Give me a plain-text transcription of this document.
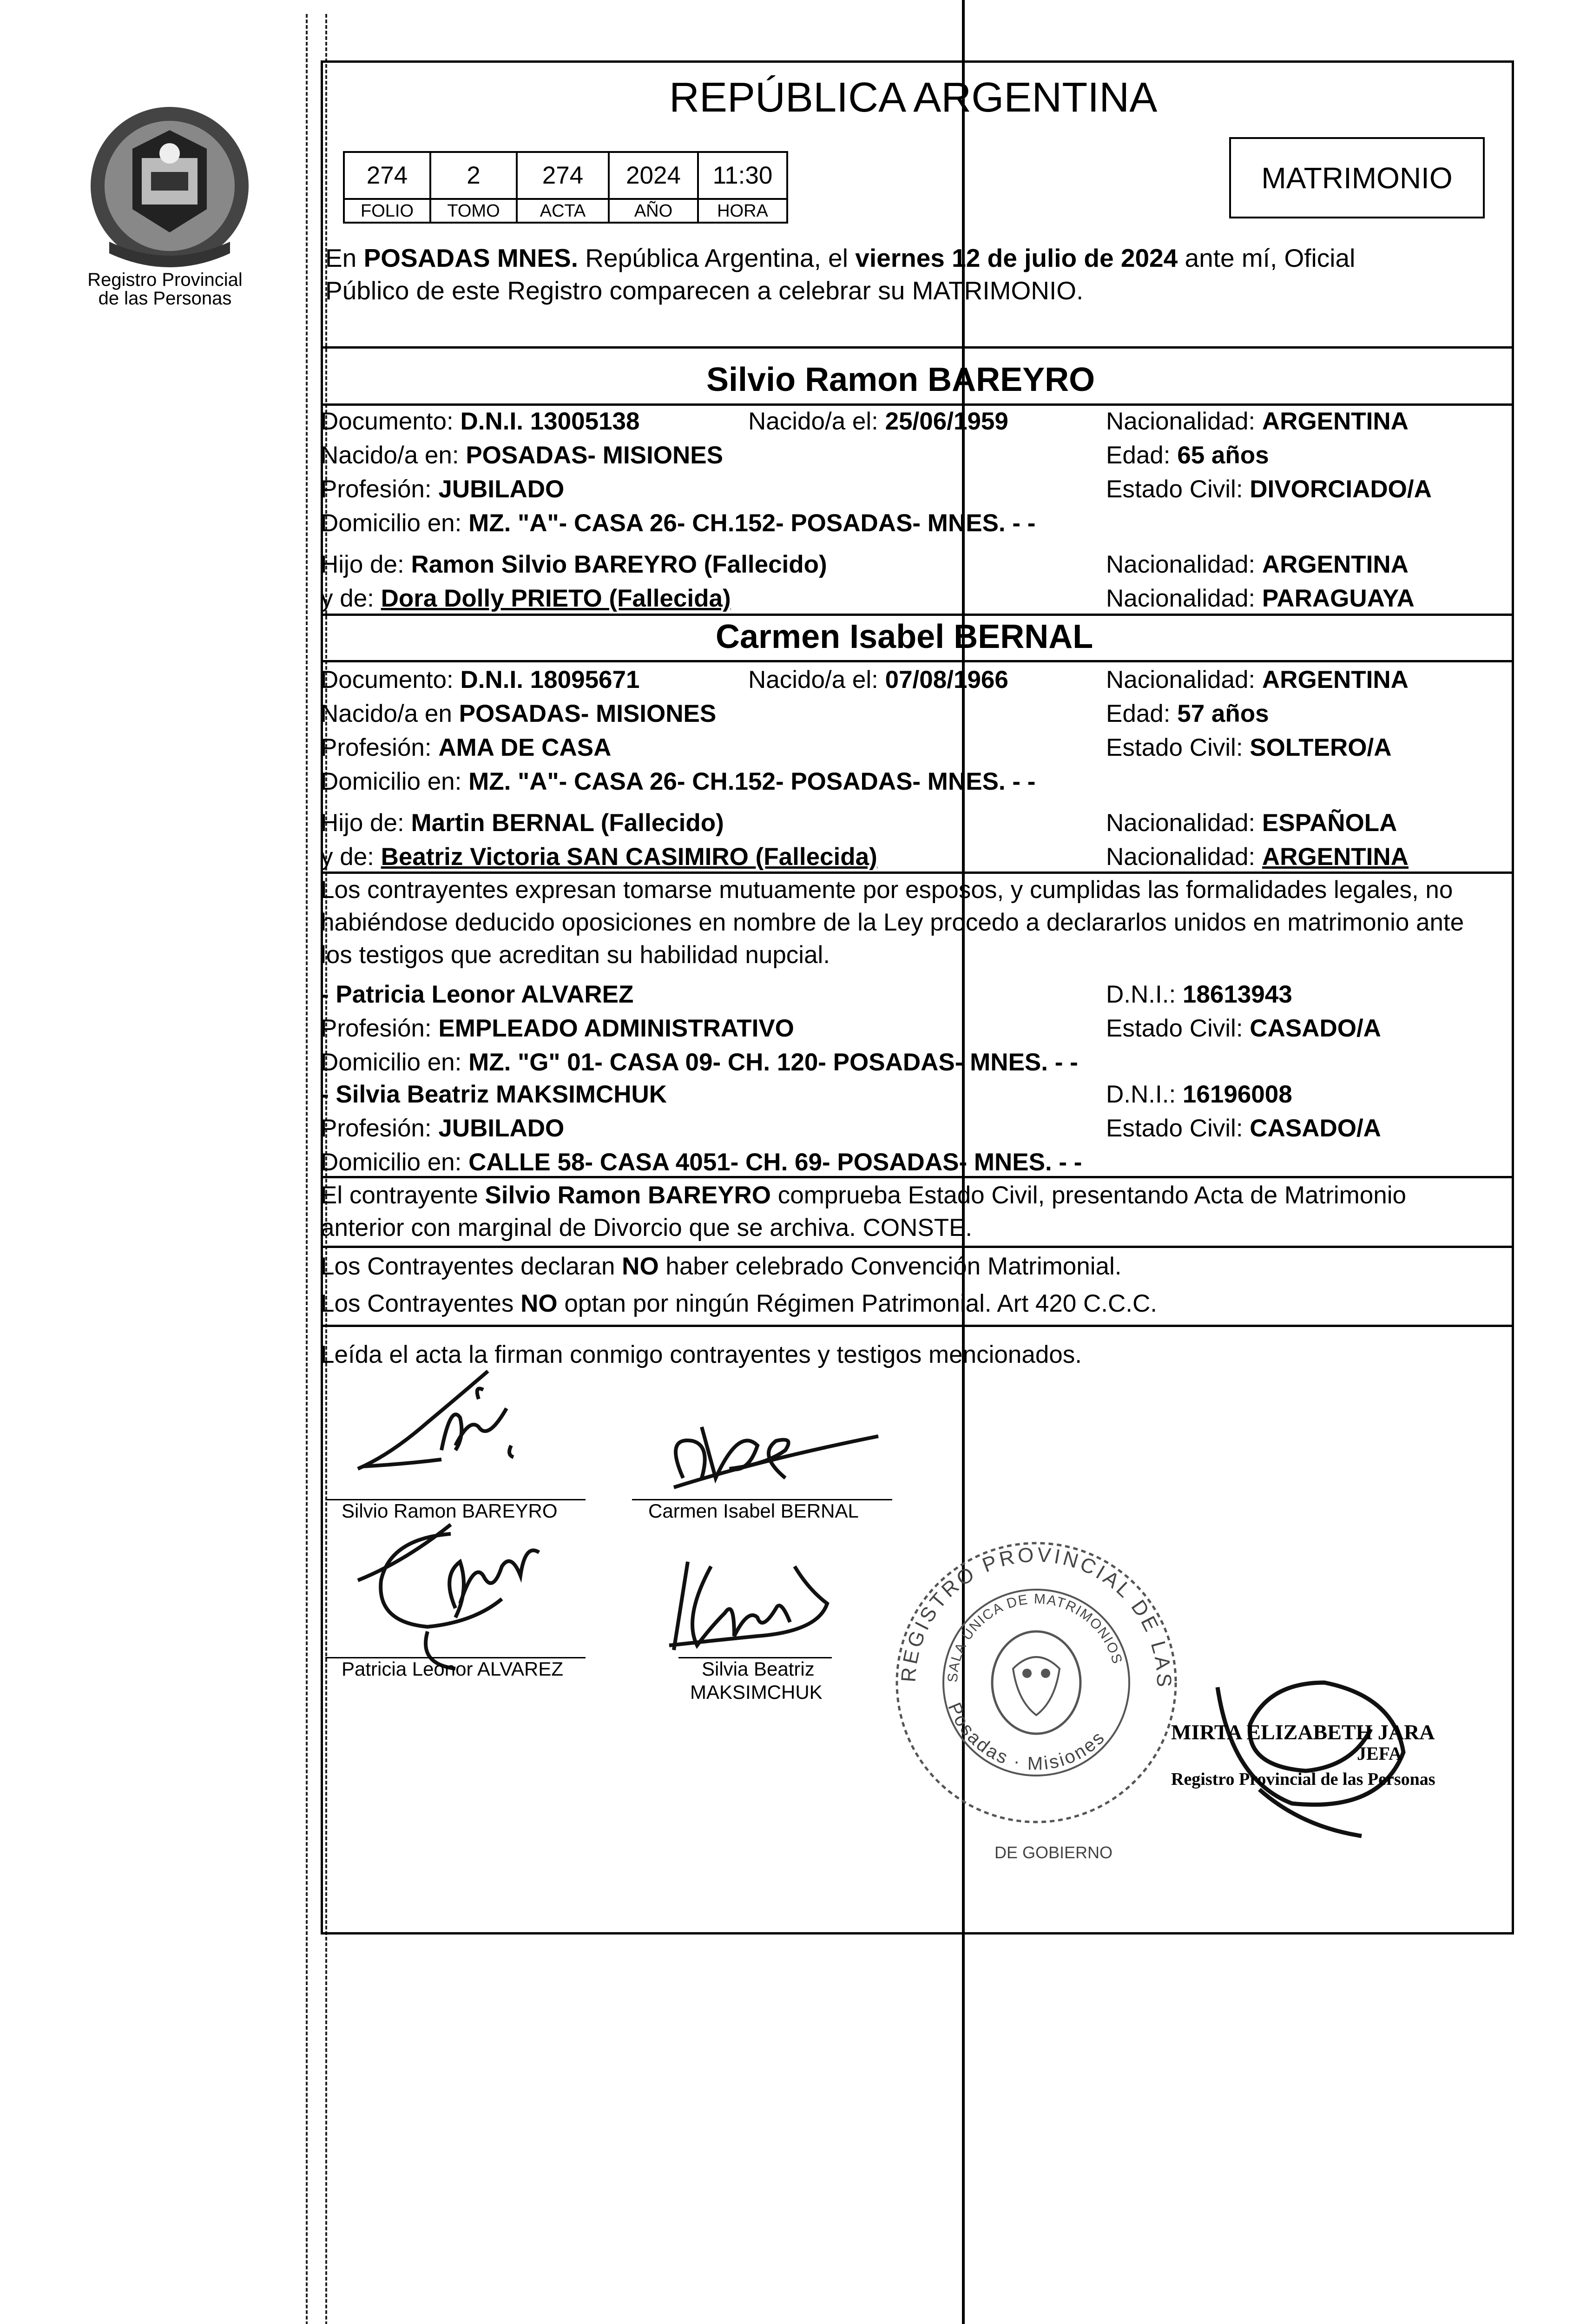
Registro Provincial
de las Personas
REPÚBLICA ARGENTINA
274	2	274	2024	11:30
FOLIO	TOMO	ACTA	AÑO	HORA
MATRIMONIO
En POSADAS MNES. República Argentina, el viernes 12 de julio de 2024 ante mí, Oficial
Público de este Registro comparecen a celebrar su MATRIMONIO.
Silvio Ramon BAREYRO
Documento: D.N.I. 13005138	Nacido/a el: 25/06/1959	Nacionalidad: ARGENTINA
Nacido/a en: POSADAS- MISIONES	Edad: 65 años
Profesión: JUBILADO	Estado Civil: DIVORCIADO/A
Domicilio en: MZ. "A"- CASA 26- CH.152- POSADAS- MNES. - -
Hijo de: Ramon Silvio BAREYRO (Fallecido)	Nacionalidad: ARGENTINA
y de: Dora Dolly PRIETO (Fallecida)	Nacionalidad: PARAGUAYA
Carmen Isabel BERNAL
Documento: D.N.I. 18095671	Nacido/a el: 07/08/1966	Nacionalidad: ARGENTINA
Nacido/a en POSADAS- MISIONES	Edad: 57 años
Profesión: AMA DE CASA	Estado Civil: SOLTERO/A
Domicilio en: MZ. "A"- CASA 26- CH.152- POSADAS- MNES. - -
Hijo de: Martin BERNAL (Fallecido)	Nacionalidad: ESPAÑOLA
y de: Beatriz Victoria SAN CASIMIRO (Fallecida)	Nacionalidad: ARGENTINA
Los contrayentes expresan tomarse mutuamente por esposos, y cumplidas las formalidades legales, no
habiéndose deducido oposiciones en nombre de la Ley procedo a declararlos unidos en matrimonio ante
los testigos que acreditan su habilidad nupcial.
- Patricia Leonor ALVAREZ	D.N.I.: 18613943
Profesión: EMPLEADO ADMINISTRATIVO	Estado Civil: CASADO/A
Domicilio en: MZ. "G" 01- CASA 09- CH. 120- POSADAS- MNES. - -
- Silvia Beatriz MAKSIMCHUK	D.N.I.: 16196008
Profesión: JUBILADO	Estado Civil: CASADO/A
Domicilio en: CALLE 58- CASA 4051- CH. 69- POSADAS- MNES. - -
El contrayente Silvio Ramon BAREYRO comprueba Estado Civil, presentando Acta de Matrimonio
anterior con marginal de Divorcio que se archiva. CONSTE.
Los Contrayentes declaran NO haber celebrado Convención Matrimonial.
Los Contrayentes NO optan por ningún Régimen Patrimonial. Art 420 C.C.C.
Leída el acta la firman conmigo contrayentes y testigos mencionados.
Silvio Ramon BAREYRO	Carmen Isabel BERNAL
Patricia Leonor ALVAREZ	Silvia Beatriz
MAKSIMCHUK
REGISTRO PROVINCIAL DE LAS
SALA ÚNICA DE MATRIMONIOS
Posadas · Misiones
DE GOBIERNO
MIRTA ELIZABETH JARA
JEFA
Registro Provincial de las Personas
